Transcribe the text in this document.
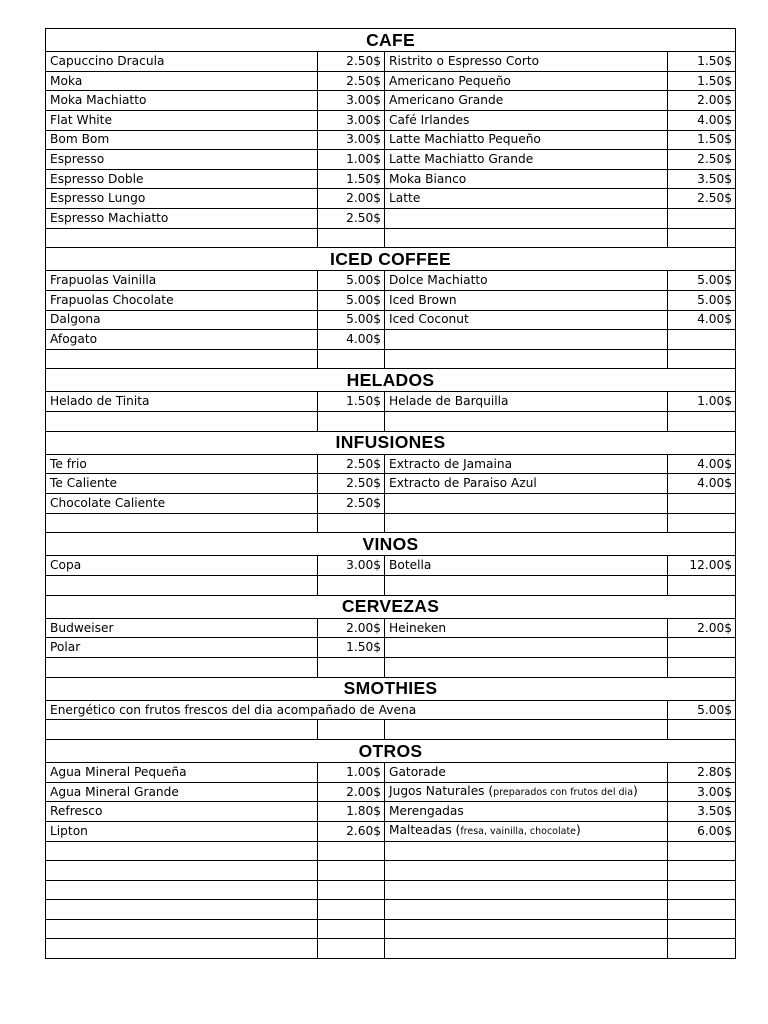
CAFE			
Capuccino Dracula	2.50$	Ristrito o Espresso Corto	1.50$
Moka	2.50$	Americano Pequeño	1.50$
Moka Machiatto	3.00$	Americano Grande	2.00$
Flat White	3.00$	Café Irlandes	4.00$
Bom Bom	3.00$	Latte Machiatto Pequeño	1.50$
Espresso	1.00$	Latte Machiatto Grande	2.50$
Espresso Doble	1.50$	Moka Bianco	3.50$
Espresso Lungo	2.00$	Latte	2.50$
Espresso Machiatto	2.50$		

ICED COFFEE			
Frapuolas Vainilla	5.00$	Dolce Machiatto	5.00$
Frapuolas Chocolate	5.00$	Iced Brown	5.00$
Dalgona	5.00$	Iced Coconut	4.00$
Afogato	4.00$		

HELADOS			
Helado de Tinita	1.50$	Helade de Barquilla	1.00$

INFUSIONES			
Te frio	2.50$	Extracto de Jamaina	4.00$
Te Caliente	2.50$	Extracto de Paraiso Azul	4.00$
Chocolate Caliente	2.50$		

VINOS			
Copa	3.00$	Botella	12.00$

CERVEZAS			
Budweiser	2.00$	Heineken	2.00$
Polar	1.50$		

SMOTHIES			
Energético con frutos frescos del dia acompañado de Avena			5.00$

OTROS			
Agua Mineral Pequeña	1.00$	Gatorade	2.80$
Agua Mineral Grande	2.00$	Jugos Naturales (preparados con frutos del dia)	3.00$
Refresco	1.80$	Merengadas	3.50$
Lipton	2.60$	Malteadas (fresa, vainilla, chocolate)	6.00$
